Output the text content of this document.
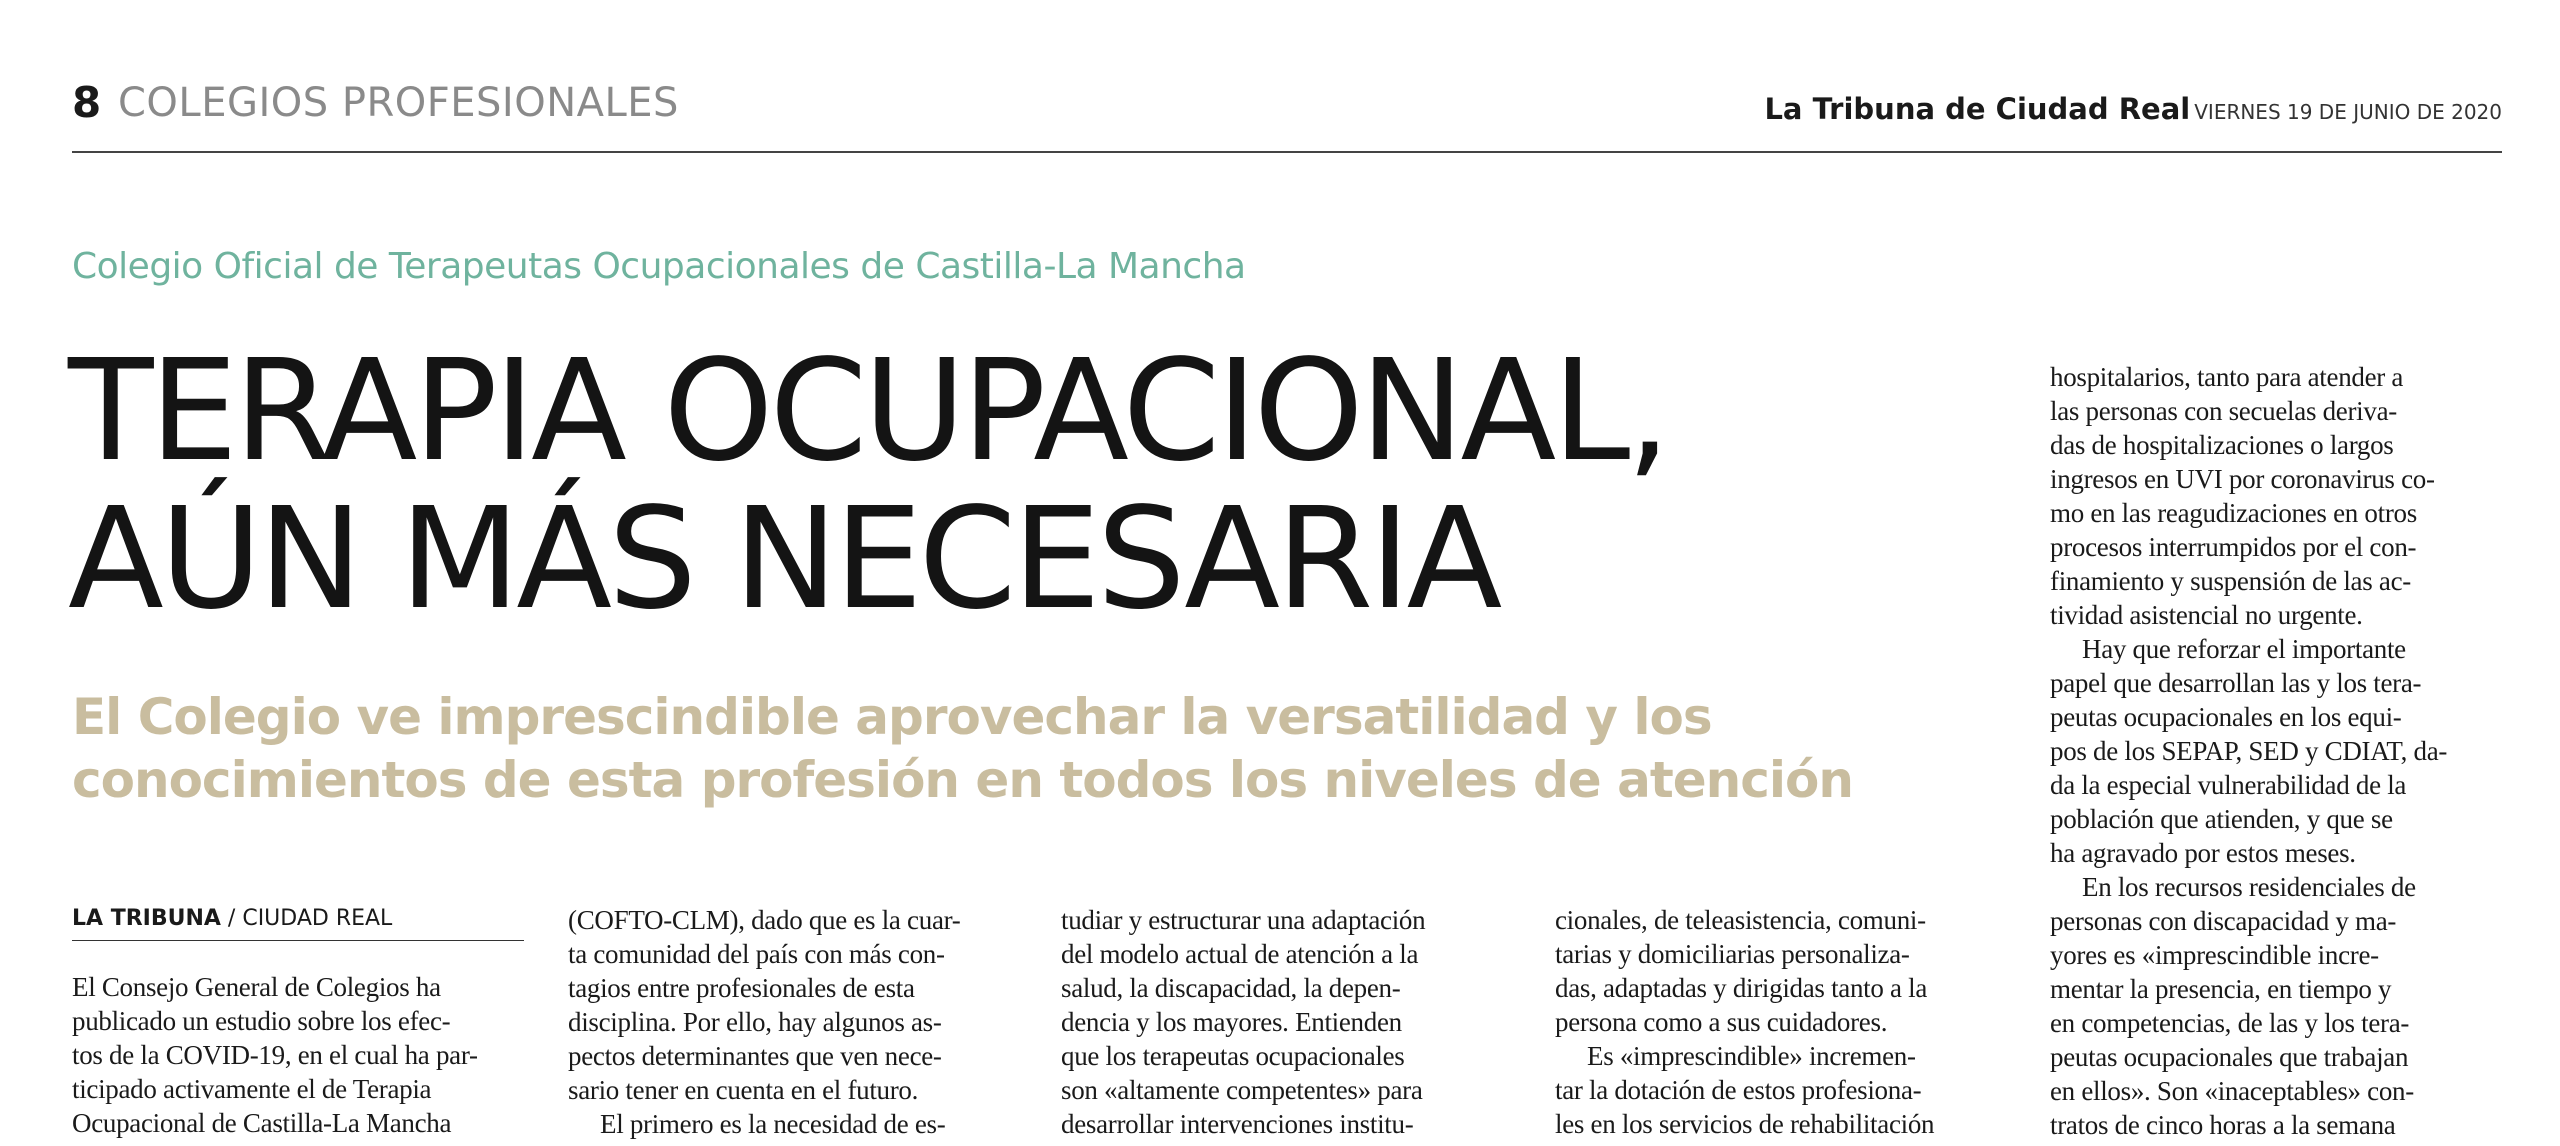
8 COLEGIOS PROFESIONALES	La Tribuna de Ciudad Real VIERNES 19 DE JUNIO DE 2020
Colegio Oficial de Terapeutas Ocupacionales de Castilla-La Mancha
TERAPIA OCUPACIONAL,
AÚN MÁS NECESARIA
El Colegio ve imprescindible aprovechar la versatilidad y los
conocimientos de esta profesión en todos los niveles de atención
LA TRIBUNA / CIUDAD REAL
El Consejo General de Colegios ha
publicado un estudio sobre los efec-
tos de la COVID-19, en el cual ha par-
ticipado activamente el de Terapia
Ocupacional de Castilla-La Mancha
(COFTO-CLM), dado que es la cuar-
ta comunidad del país con más con-
tagios entre profesionales de esta
disciplina. Por ello, hay algunos as-
pectos determinantes que ven nece-
sario tener en cuenta en el futuro.
El primero es la necesidad de es-
tudiar y estructurar una adaptación
del modelo actual de atención a la
salud, la discapacidad, la depen-
dencia y los mayores. Entienden
que los terapeutas ocupacionales
son «altamente competentes» para
desarrollar intervenciones institu-
cionales, de teleasistencia, comuni-
tarias y domiciliarias personaliza-
das, adaptadas y dirigidas tanto a la
persona como a sus cuidadores.
Es «imprescindible» incremen-
tar la dotación de estos profesiona-
les en los servicios de rehabilitación
hospitalarios, tanto para atender a
las personas con secuelas deriva-
das de hospitalizaciones o largos
ingresos en UVI por coronavirus co-
mo en las reagudizaciones en otros
procesos interrumpidos por el con-
finamiento y suspensión de las ac-
tividad asistencial no urgente.
Hay que reforzar el importante
papel que desarrollan las y los tera-
peutas ocupacionales en los equi-
pos de los SEPAP, SED y CDIAT, da-
da la especial vulnerabilidad de la
población que atienden, y que se
ha agravado por estos meses.
En los recursos residenciales de
personas con discapacidad y ma-
yores es «imprescindible incre-
mentar la presencia, en tiempo y
en competencias, de las y los tera-
peutas ocupacionales que trabajan
en ellos». Son «inaceptables» con-
tratos de cinco horas a la semana
